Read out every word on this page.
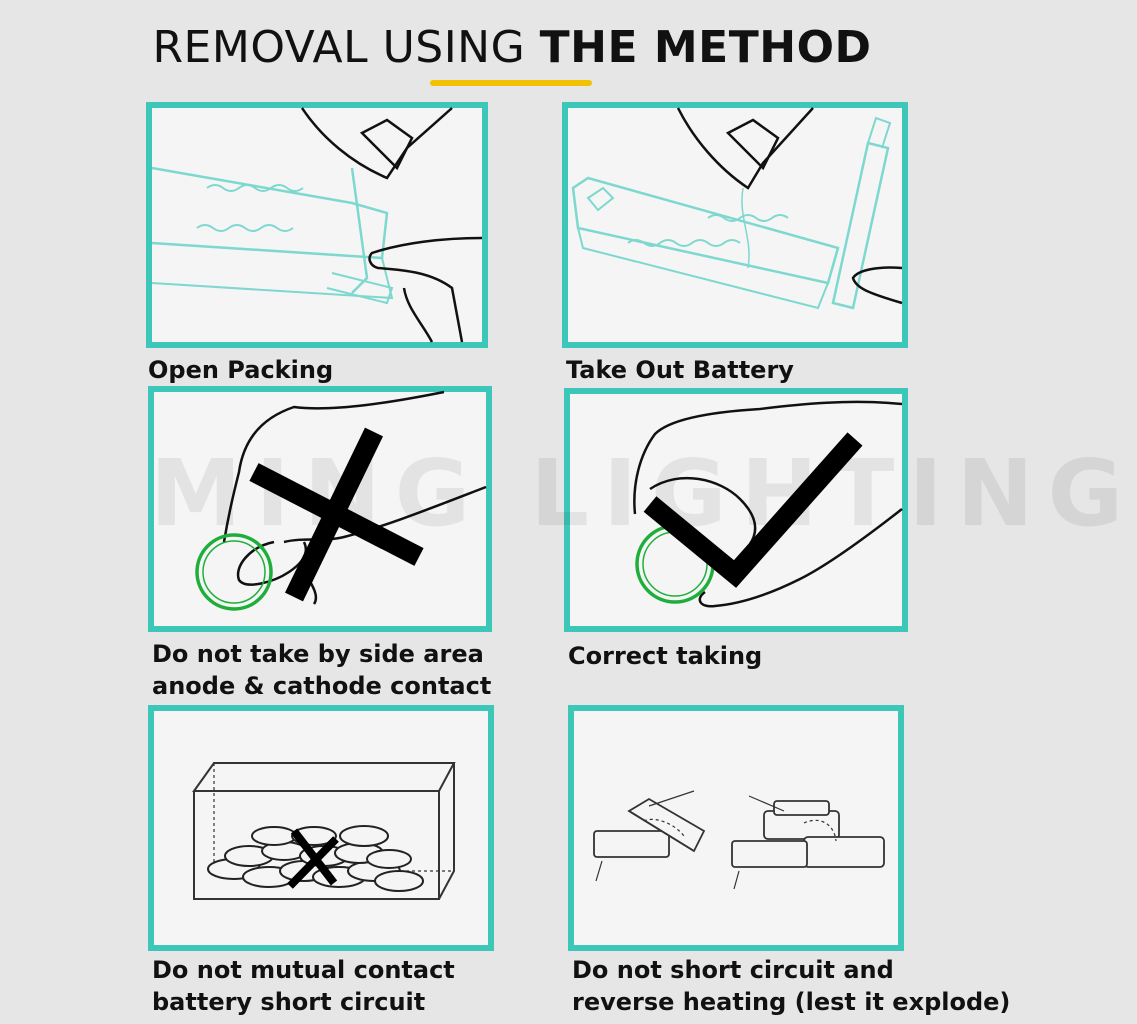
REMOVAL USING THE METHOD
Open Packing	Take Out Battery
Do not take by side area
anode & cathode contact
Correct taking
Do not mutual contact
battery short circuit
Do not short circuit and
reverse heating (lest it explode)
MING LIGHTING
